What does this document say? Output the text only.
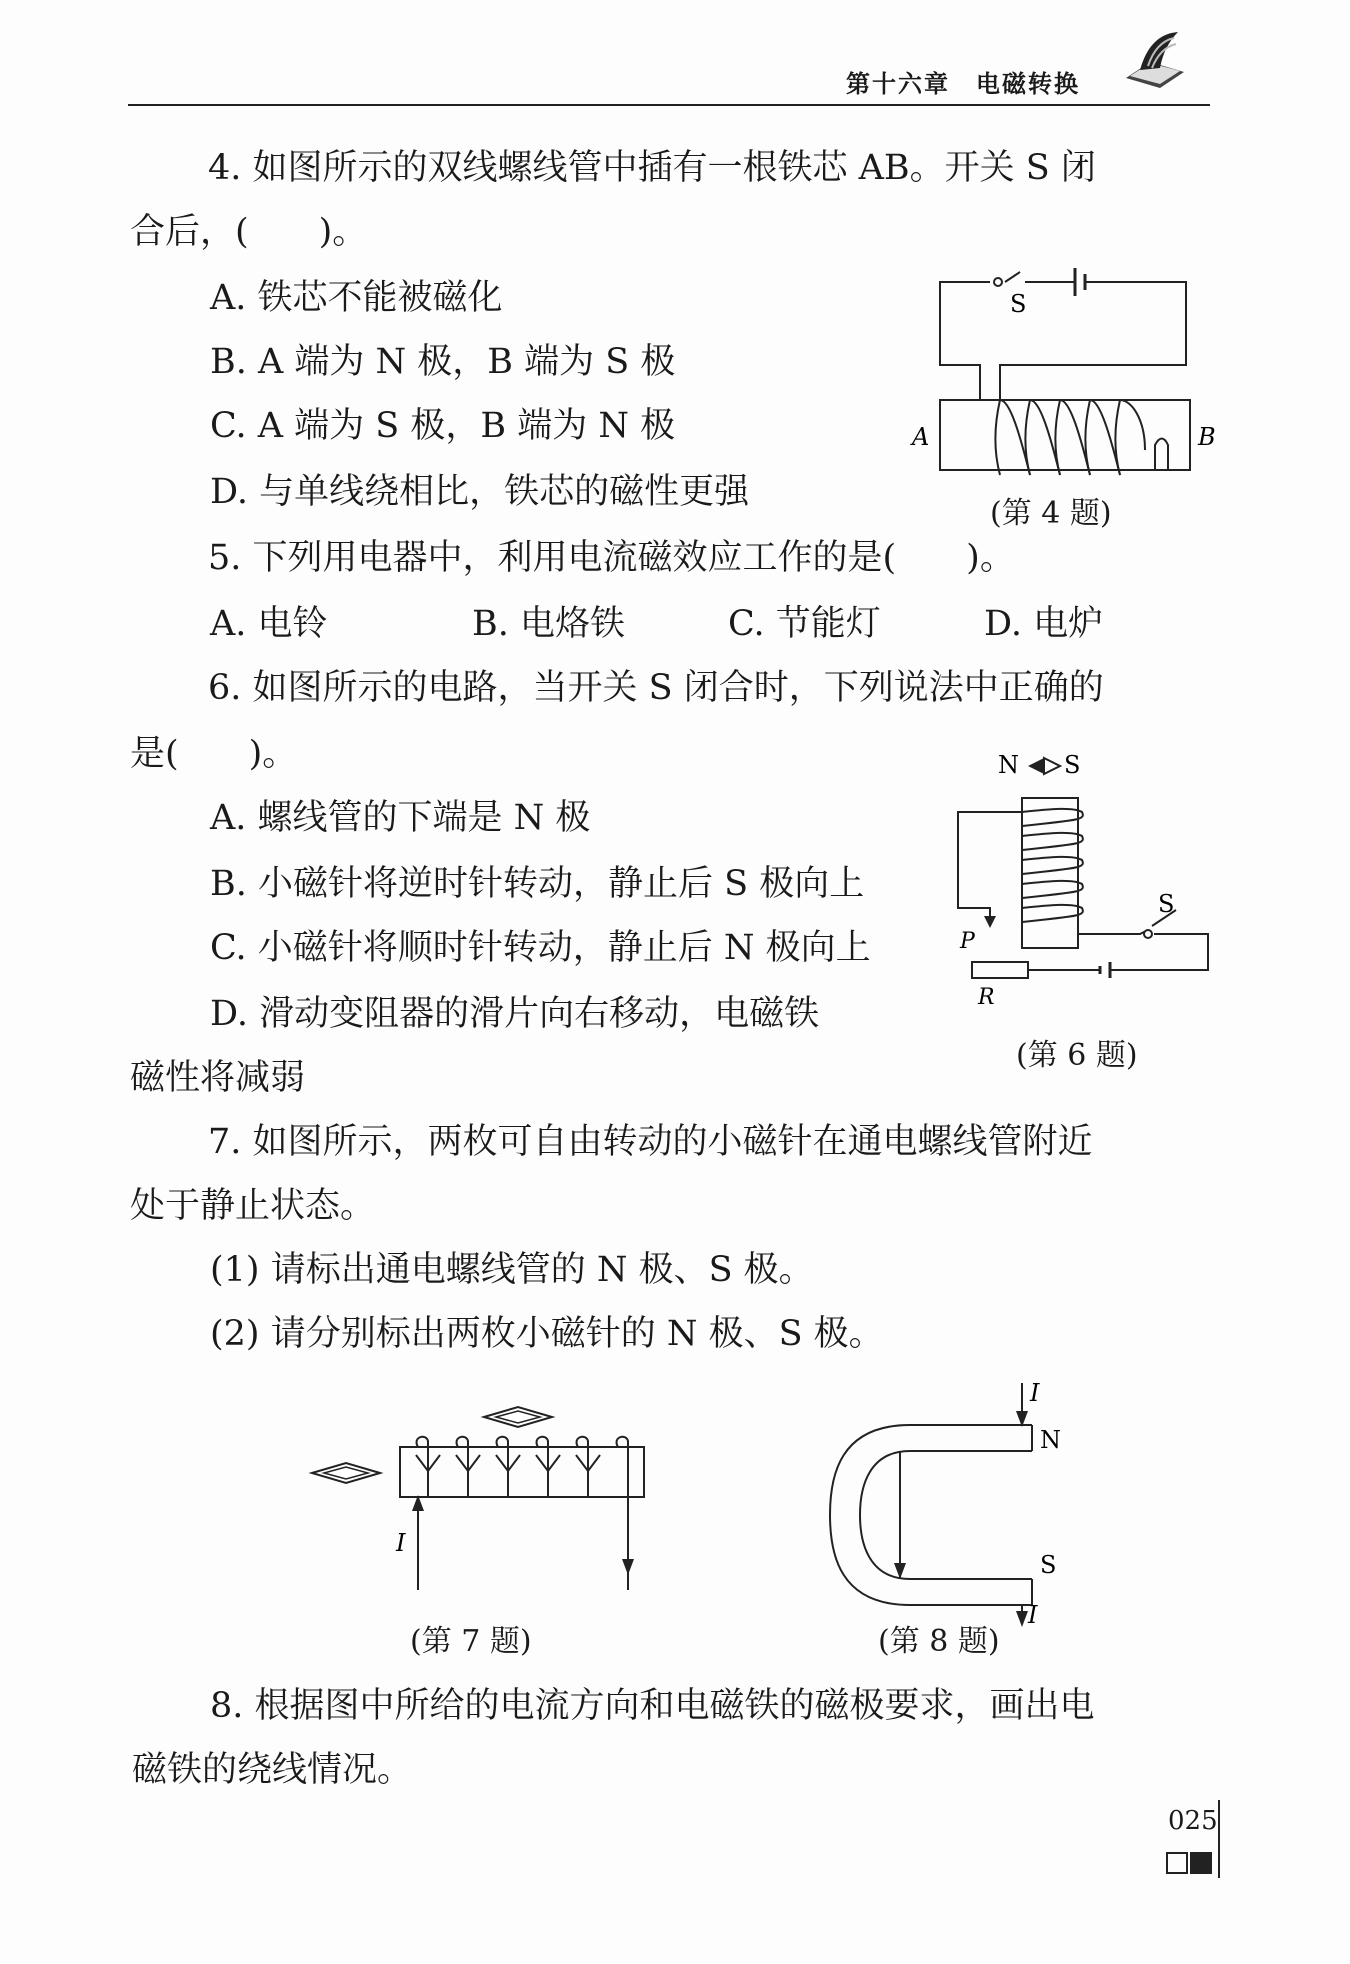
第十六章　电磁转换
4. 如图所示的双线螺线管中插有一根铁芯 AB。开关 S 闭
合后，(　　)。
A. 铁芯不能被磁化
B. A 端为 N 极，B 端为 S 极
C. A 端为 S 极，B 端为 N 极
D. 与单线绕相比，铁芯的磁性更强
S
A	B
(第 4 题)
5. 下列用电器中，利用电流磁效应工作的是(　　)。
A. 电铃	B. 电烙铁	C. 节能灯	D. 电炉
6. 如图所示的电路，当开关 S 闭合时，下列说法中正确的
是(　　)。
A. 螺线管的下端是 N 极
B. 小磁针将逆时针转动，静止后 S 极向上
C. 小磁针将顺时针转动，静止后 N 极向上
D. 滑动变阻器的滑片向右移动，电磁铁
磁性将减弱
N S
S
P
R
(第 6 题)
7. 如图所示，两枚可自由转动的小磁针在通电螺线管附近
处于静止状态。
(1) 请标出通电螺线管的 N 极、S 极。
(2) 请分别标出两枚小磁针的 N 极、S 极。
I
(第 7 题)
I
N
S
I
(第 8 题)
8. 根据图中所给的电流方向和电磁铁的磁极要求，画出电
磁铁的绕线情况。
025
